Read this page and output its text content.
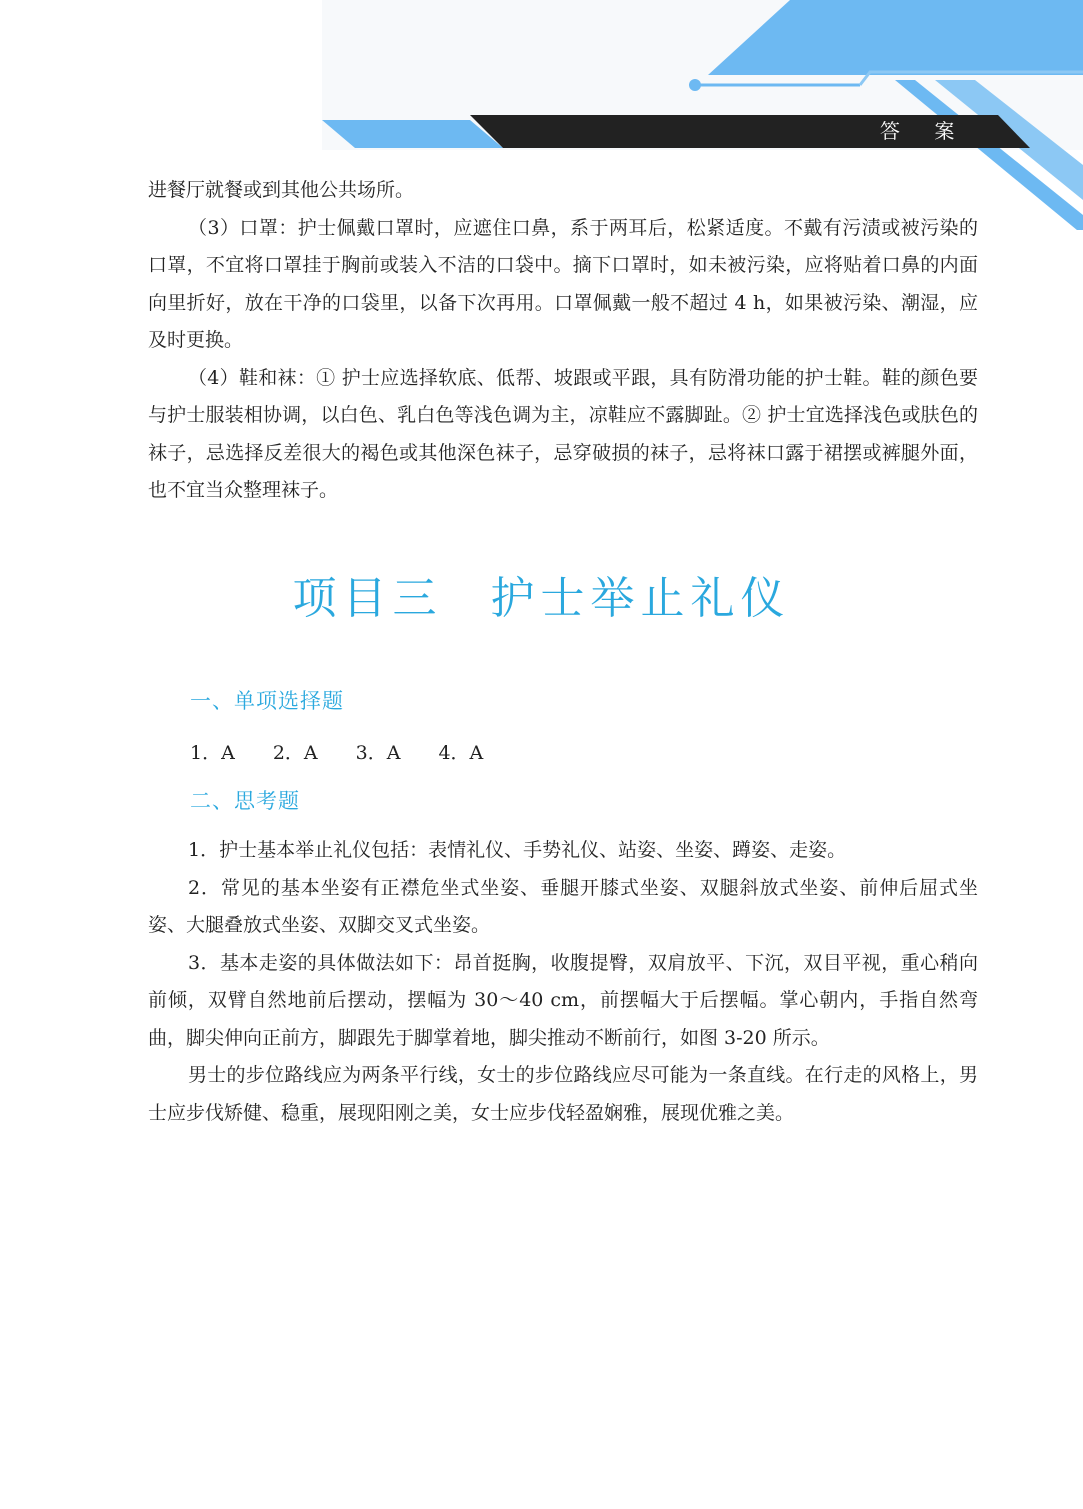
答 案

进餐厅就餐或到其他公共场所。

（3）口罩：护士佩戴口罩时，应遮住口鼻，系于两耳后，松紧适度。不戴有污渍或被污染的口罩，不宜将口罩挂于胸前或装入不洁的口袋中。摘下口罩时，如未被污染，应将贴着口鼻的内面向里折好，放在干净的口袋里，以备下次再用。口罩佩戴一般不超过 4 h，如果被污染、潮湿，应及时更换。

（4）鞋和袜：① 护士应选择软底、低帮、坡跟或平跟，具有防滑功能的护士鞋。鞋的颜色要与护士服装相协调，以白色、乳白色等浅色调为主，凉鞋应不露脚趾。② 护士宜选择浅色或肤色的袜子，忌选择反差很大的褐色或其他深色袜子，忌穿破损的袜子，忌将袜口露于裙摆或裤腿外面，也不宜当众整理袜子。

项目三 护士举止礼仪
一、单项选择题
1．A 2．A 3．A 4．A
二、思考题

1．护士基本举止礼仪包括：表情礼仪、手势礼仪、站姿、坐姿、蹲姿、走姿。

2．常见的基本坐姿有正襟危坐式坐姿、垂腿开膝式坐姿、双腿斜放式坐姿、前伸后屈式坐姿、大腿叠放式坐姿、双脚交叉式坐姿。

3．基本走姿的具体做法如下：昂首挺胸，收腹提臀，双肩放平、下沉，双目平视，重心稍向前倾，双臂自然地前后摆动，摆幅为 30～40 cm，前摆幅大于后摆幅。掌心朝内，手指自然弯曲，脚尖伸向正前方，脚跟先于脚掌着地，脚尖推动不断前行，如图 3-20 所示。

男士的步位路线应为两条平行线，女士的步位路线应尽可能为一条直线。在行走的风格上，男士应步伐矫健、稳重，展现阳刚之美，女士应步伐轻盈娴雅，展现优雅之美。
